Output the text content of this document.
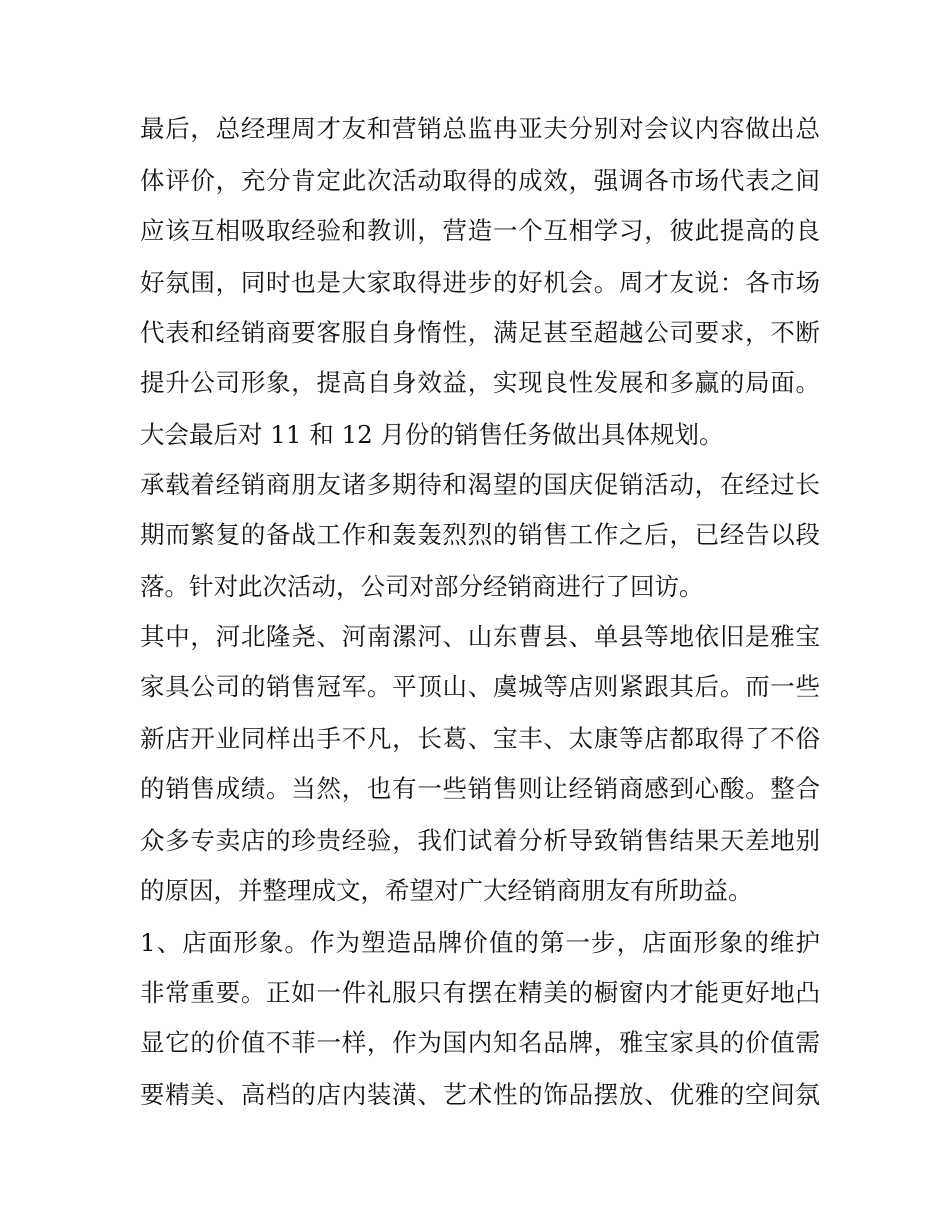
最后，总经理周才友和营销总监冉亚夫分别对会议内容做出总
体评价，充分肯定此次活动取得的成效，强调各市场代表之间
应该互相吸取经验和教训，营造一个互相学习，彼此提高的良
好氛围，同时也是大家取得进步的好机会。周才友说：各市场
代表和经销商要客服自身惰性，满足甚至超越公司要求，不断
提升公司形象，提高自身效益，实现良性发展和多赢的局面。
大会最后对 11 和 12 月份的销售任务做出具体规划。
承载着经销商朋友诸多期待和渴望的国庆促销活动，在经过长
期而繁复的备战工作和轰轰烈烈的销售工作之后，已经告以段
落。针对此次活动，公司对部分经销商进行了回访。
其中，河北隆尧、河南漯河、山东曹县、单县等地依旧是雅宝
家具公司的销售冠军。平顶山、虞城等店则紧跟其后。而一些
新店开业同样出手不凡，长葛、宝丰、太康等店都取得了不俗
的销售成绩。当然，也有一些销售则让经销商感到心酸。整合
众多专卖店的珍贵经验，我们试着分析导致销售结果天差地别
的原因，并整理成文，希望对广大经销商朋友有所助益。
1、店面形象。作为塑造品牌价值的第一步，店面形象的维护
非常重要。正如一件礼服只有摆在精美的橱窗内才能更好地凸
显它的价值不菲一样，作为国内知名品牌，雅宝家具的价值需
要精美、高档的店内装潢、艺术性的饰品摆放、优雅的空间氛
